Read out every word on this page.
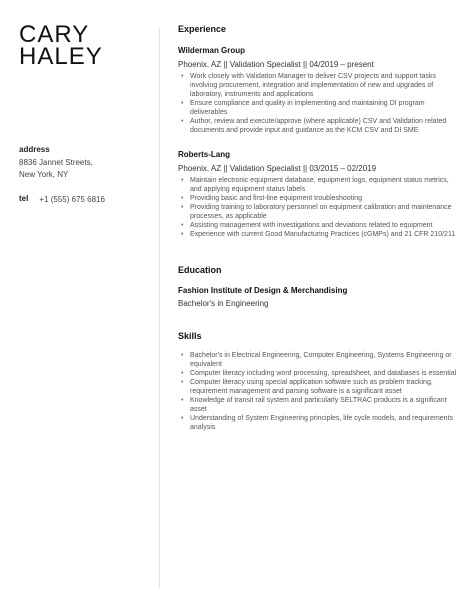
CARY
HALEY
address
8836 Jannet Streets,
New York, NY
tel +1 (555) 675 6816
Experience
Wilderman Group
Phoenix, AZ || Validation Specialist || 04/2019 – present
• Work closely with Validation Manager to deliver CSV projects and support tasks involving procurement, integration and implementation of new and upgrades of laboratory, instruments and applications
• Ensure compliance and quality in implementing and maintaining DI program deliverables
• Author, review and execute/approve (where applicable) CSV and Validation related documents and provide input and guidance as the KCM CSV and DI SME
Roberts-Lang
Phoenix, AZ || Validation Specialist || 03/2015 – 02/2019
• Maintain electronic equipment database, equipment logs, equipment status metrics, and applying equipment status labels
• Providing basic and first-line equipment troubleshooting
• Providing training to laboratory personnel on equipment calibration and maintenance processes, as applicable
• Assisting management with investigations and deviations related to equipment
• Experience with current Good Manufacturing Practices (cGMPs) and 21 CFR 210/211
Education
Fashion Institute of Design & Merchandising
Bachelor's in Engineering
Skills
• Bachelor's in Electrical Engineering, Computer Engineering, Systems Engineering or equivalent
• Computer literacy including word processing, spreadsheet, and databases is essential
• Computer literacy using special application software such as problem tracking, requirement management and parsing software is a significant asset
• Knowledge of transit rail system and particularly SELTRAC products is a significant asset
• Understanding of System Engineering principles, life cycle models, and requirements analysis
